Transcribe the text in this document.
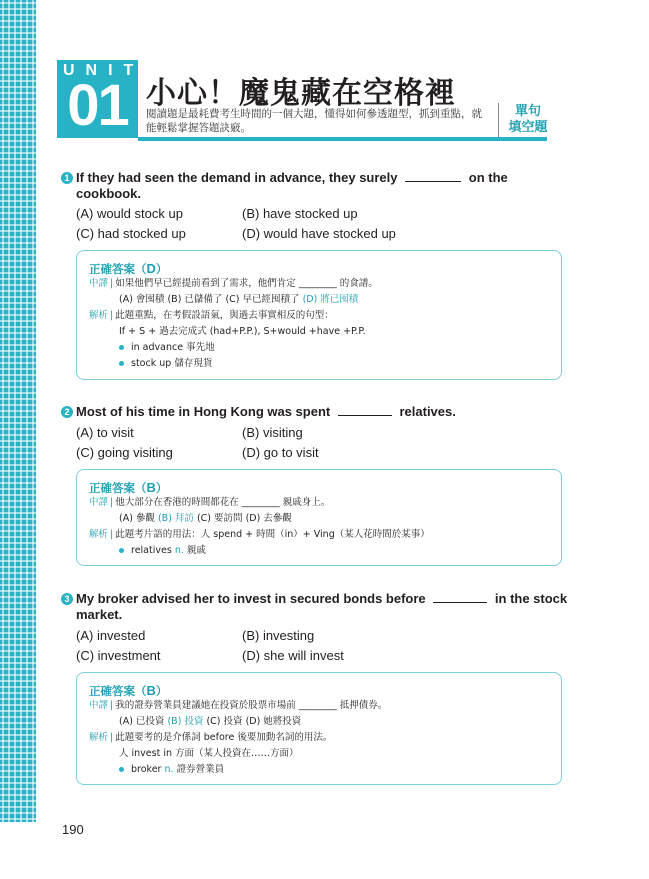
UNIT
01 小心！魔鬼藏在空格裡
閱讀題是最耗費考生時間的一個大題，懂得如何參透題型，抓到重點，就能輕鬆掌握答題訣竅。
單句
填空題
1 If they had seen the demand in advance, they surely	on the
cookbook.
(A) would stock up	(B) have stocked up
(C) had stocked up	(D) would have stocked up
正確答案（D）
中譯 | 如果他們早已經提前看到了需求，他們肯定 ________ 的食譜。
(A) 會囤積 (B) 已儲備了 (C) 早已經囤積了 (D) 將已囤積
解析 | 此題重點，在考假設語氣，與過去事實相反的句型：
If + S + 過去完成式 (had+P.P.), S+would +have +P.P.
in advance 事先地
stock up 儲存現貨
2 Most of his time in Hong Kong was spent	relatives.
(A) to visit	(B) visiting
(C) going visiting	(D) go to visit
正確答案（B）
中譯 | 他大部分在香港的時間都花在 ________ 親戚身上。
(A) 參觀 (B) 拜訪 (C) 要訪問 (D) 去參觀
解析 | 此題考片語的用法：人 spend + 時間（in）+ Ving（某人花時間於某事）
relatives n. 親戚
3 My broker advised her to invest in secured bonds before	in the stock
market.
(A) invested	(B) investing
(C) investment	(D) she will invest
正確答案（B）
中譯 | 我的證券營業員建議她在投資於股票市場前 ________ 抵押債券。
(A) 已投資 (B) 投資 (C) 投資 (D) 她將投資
解析 | 此題要考的是介係詞 before 後要加動名詞的用法。
人 invest in 方面（某人投資在……方面）
broker n. 證券營業員
190
